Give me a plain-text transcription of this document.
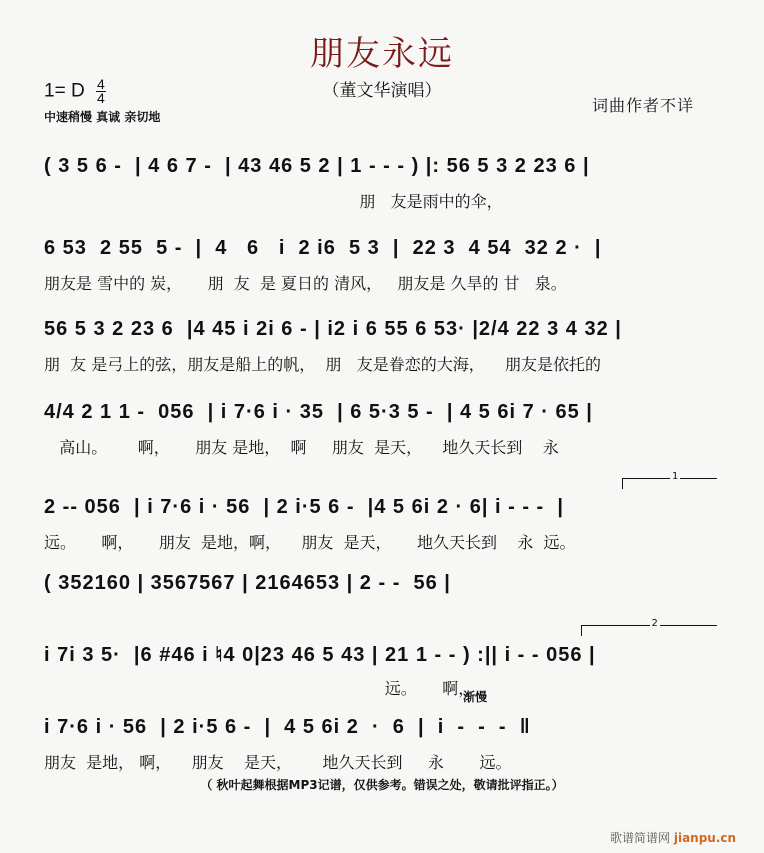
朋友永远
（董文华演唱）
1= D $\frac{4}{4}$
中速稍慢 真诚 亲切地
词曲作者不详
( 3 5 6 -  | 4 6 7 -  | 43 46 5 2 | 1 - - - ) |: 56 5 3 2 23 6 |
朋   友是雨中的伞，
6 53  2 55  5 -  |  4   6   i  2 i6  5 3  |  22 3  4 54  32 2 ·  |
朋友是 雪中的 炭，     朋  友  是 夏日的 清风，   朋友是 久旱的 甘   泉。
56 5 3 2 23 6  |4 45 i 2i 6 - | i2 i 6 55 6 53· |2/4 22 3 4 32 |
朋  友 是弓上的弦，朋友是船上的帆，  朋   友是眷恋的大海，    朋友是依托的
4/4 2 1 1 -  056  | i 7·6 i · 35  | 6 5·3 5 -  | 4 5 6i 7 · 65 |
高山。      啊，     朋友 是地，  啊     朋友  是天，    地久天长到    永
2 -- 056  | i 7·6 i · 56  | 2 i·5 6 -  |4 5 6i 2 · 6| i - - -  |
远。     啊，     朋友  是地，啊，    朋友  是天，     地久天长到    永  远。
1
( 352160 | 3567567 | 2164653 | 2 - -  56 |
i 7i 3 5·  |6 #46 i ♮4 0|23 46 5 43 | 21 1 - - ) :|| i - - 056 |
远。     啊，
2
渐慢
i 7·6 i · 56  | 2 i·5 6 -  |  4 5 6i 2  ·  6  |  i  -  -  -  ‖
朋友  是地， 啊，    朋友    是天，      地久天长到     永       远。
（ 秋叶起舞根据MP3记谱，仅供参考。错误之处，敬请批评指正。）
歌谱简谱网 jianpu.cn
